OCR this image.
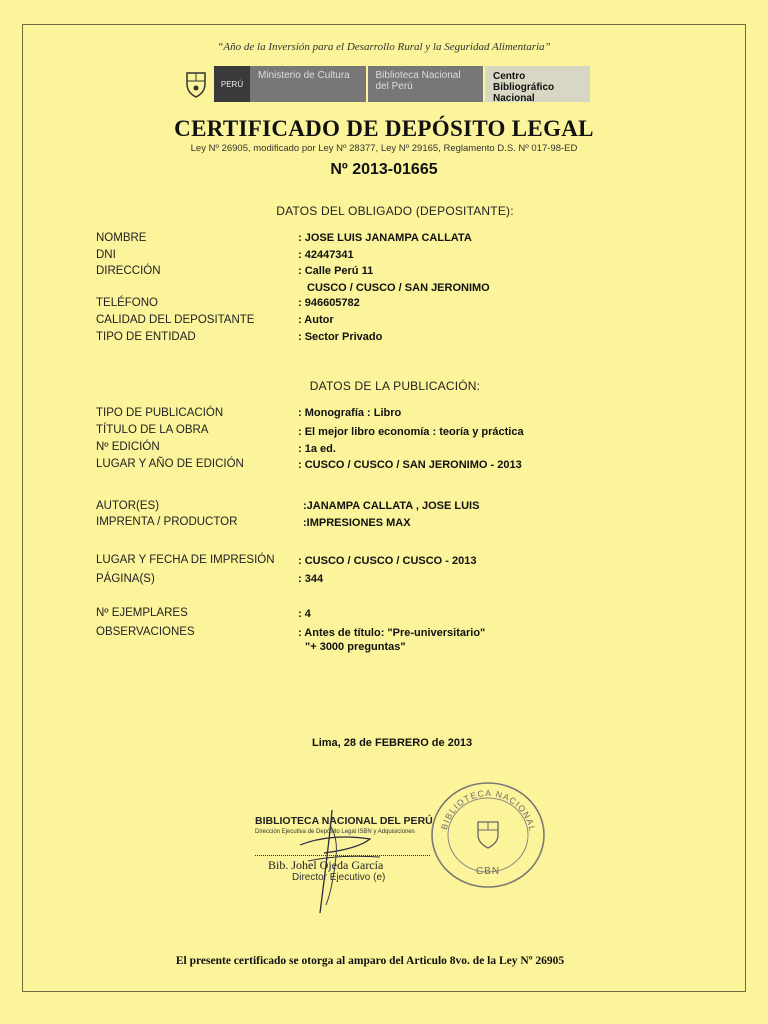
“Año de la Inversión para el Desarrollo Rural y la Seguridad Alimentaria”
PERÚ
Ministerio de Cultura	Biblioteca Nacional del Perú
Centro Bibliográfico Nacional
CERTIFICADO DE DEPÓSITO LEGAL
Ley Nº 26905, modificado por Ley Nº 28377, Ley Nº 29165, Reglamento D.S. Nº 017-98-ED
Nº 2013-01665
DATOS DEL OBLIGADO (DEPOSITANTE):
NOMBRE	: JOSE LUIS JANAMPA CALLATA
DNI	: 42447341
DIRECCIÓN	: Calle Perú 11
CUSCO / CUSCO / SAN JERONIMO
TELÉFONO	: 946605782
CALIDAD DEL DEPOSITANTE	: Autor
TIPO DE ENTIDAD	: Sector Privado
DATOS DE LA PUBLICACIÓN:
TIPO DE PUBLICACIÓN	: Monografía : Libro
TÍTULO DE LA OBRA	: El mejor libro economía : teoría y práctica
Nº EDICIÓN	: 1a ed.
LUGAR Y AÑO DE EDICIÓN	: CUSCO / CUSCO / SAN JERONIMO - 2013
AUTOR(ES)	:JANAMPA CALLATA , JOSE LUIS
IMPRENTA / PRODUCTOR	:IMPRESIONES MAX
LUGAR Y FECHA DE IMPRESIÓN : CUSCO / CUSCO / CUSCO - 2013
PÁGINA(S)	: 344
Nº EJEMPLARES	: 4
OBSERVACIONES	: Antes de título: "Pre-universitario"
"+ 3000 preguntas"
Lima, 28 de FEBRERO de 2013
BIBLIOTECA NACIONAL
CBN
BIBLIOTECA NACIONAL DEL PERÚ
Dirección Ejecutiva de Depósito Legal ISBN y Adquisiciones
Bib. Johel Ojeda García
Director Ejecutivo (e)
El presente certificado se otorga al amparo del Articulo 8vo. de la Ley Nº 26905
